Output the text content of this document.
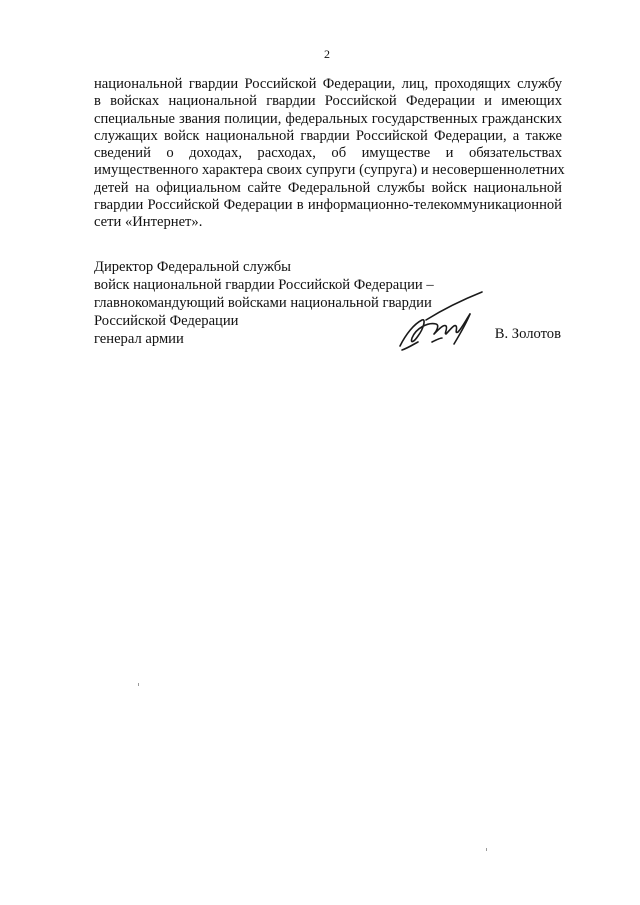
2
национальной гвардии Российской Федерации, лиц, проходящих службу
в войсках национальной гвардии Российской Федерации и имеющих
специальные звания полиции, федеральных государственных гражданских
служащих войск национальной гвардии Российской Федерации, а также
сведений о доходах, расходах, об имуществе и обязательствах
имущественного характера своих супруги (супруга) и несовершеннолетних
детей на официальном сайте Федеральной службы войск национальной
гвардии Российской Федерации в информационно-телекоммуникационной
сети «Интернет».
Директор Федеральной службы
войск национальной гвардии Российской Федерации –
главнокомандующий войсками национальной гвардии
Российской Федерации
генерал армии	В. Золотов
